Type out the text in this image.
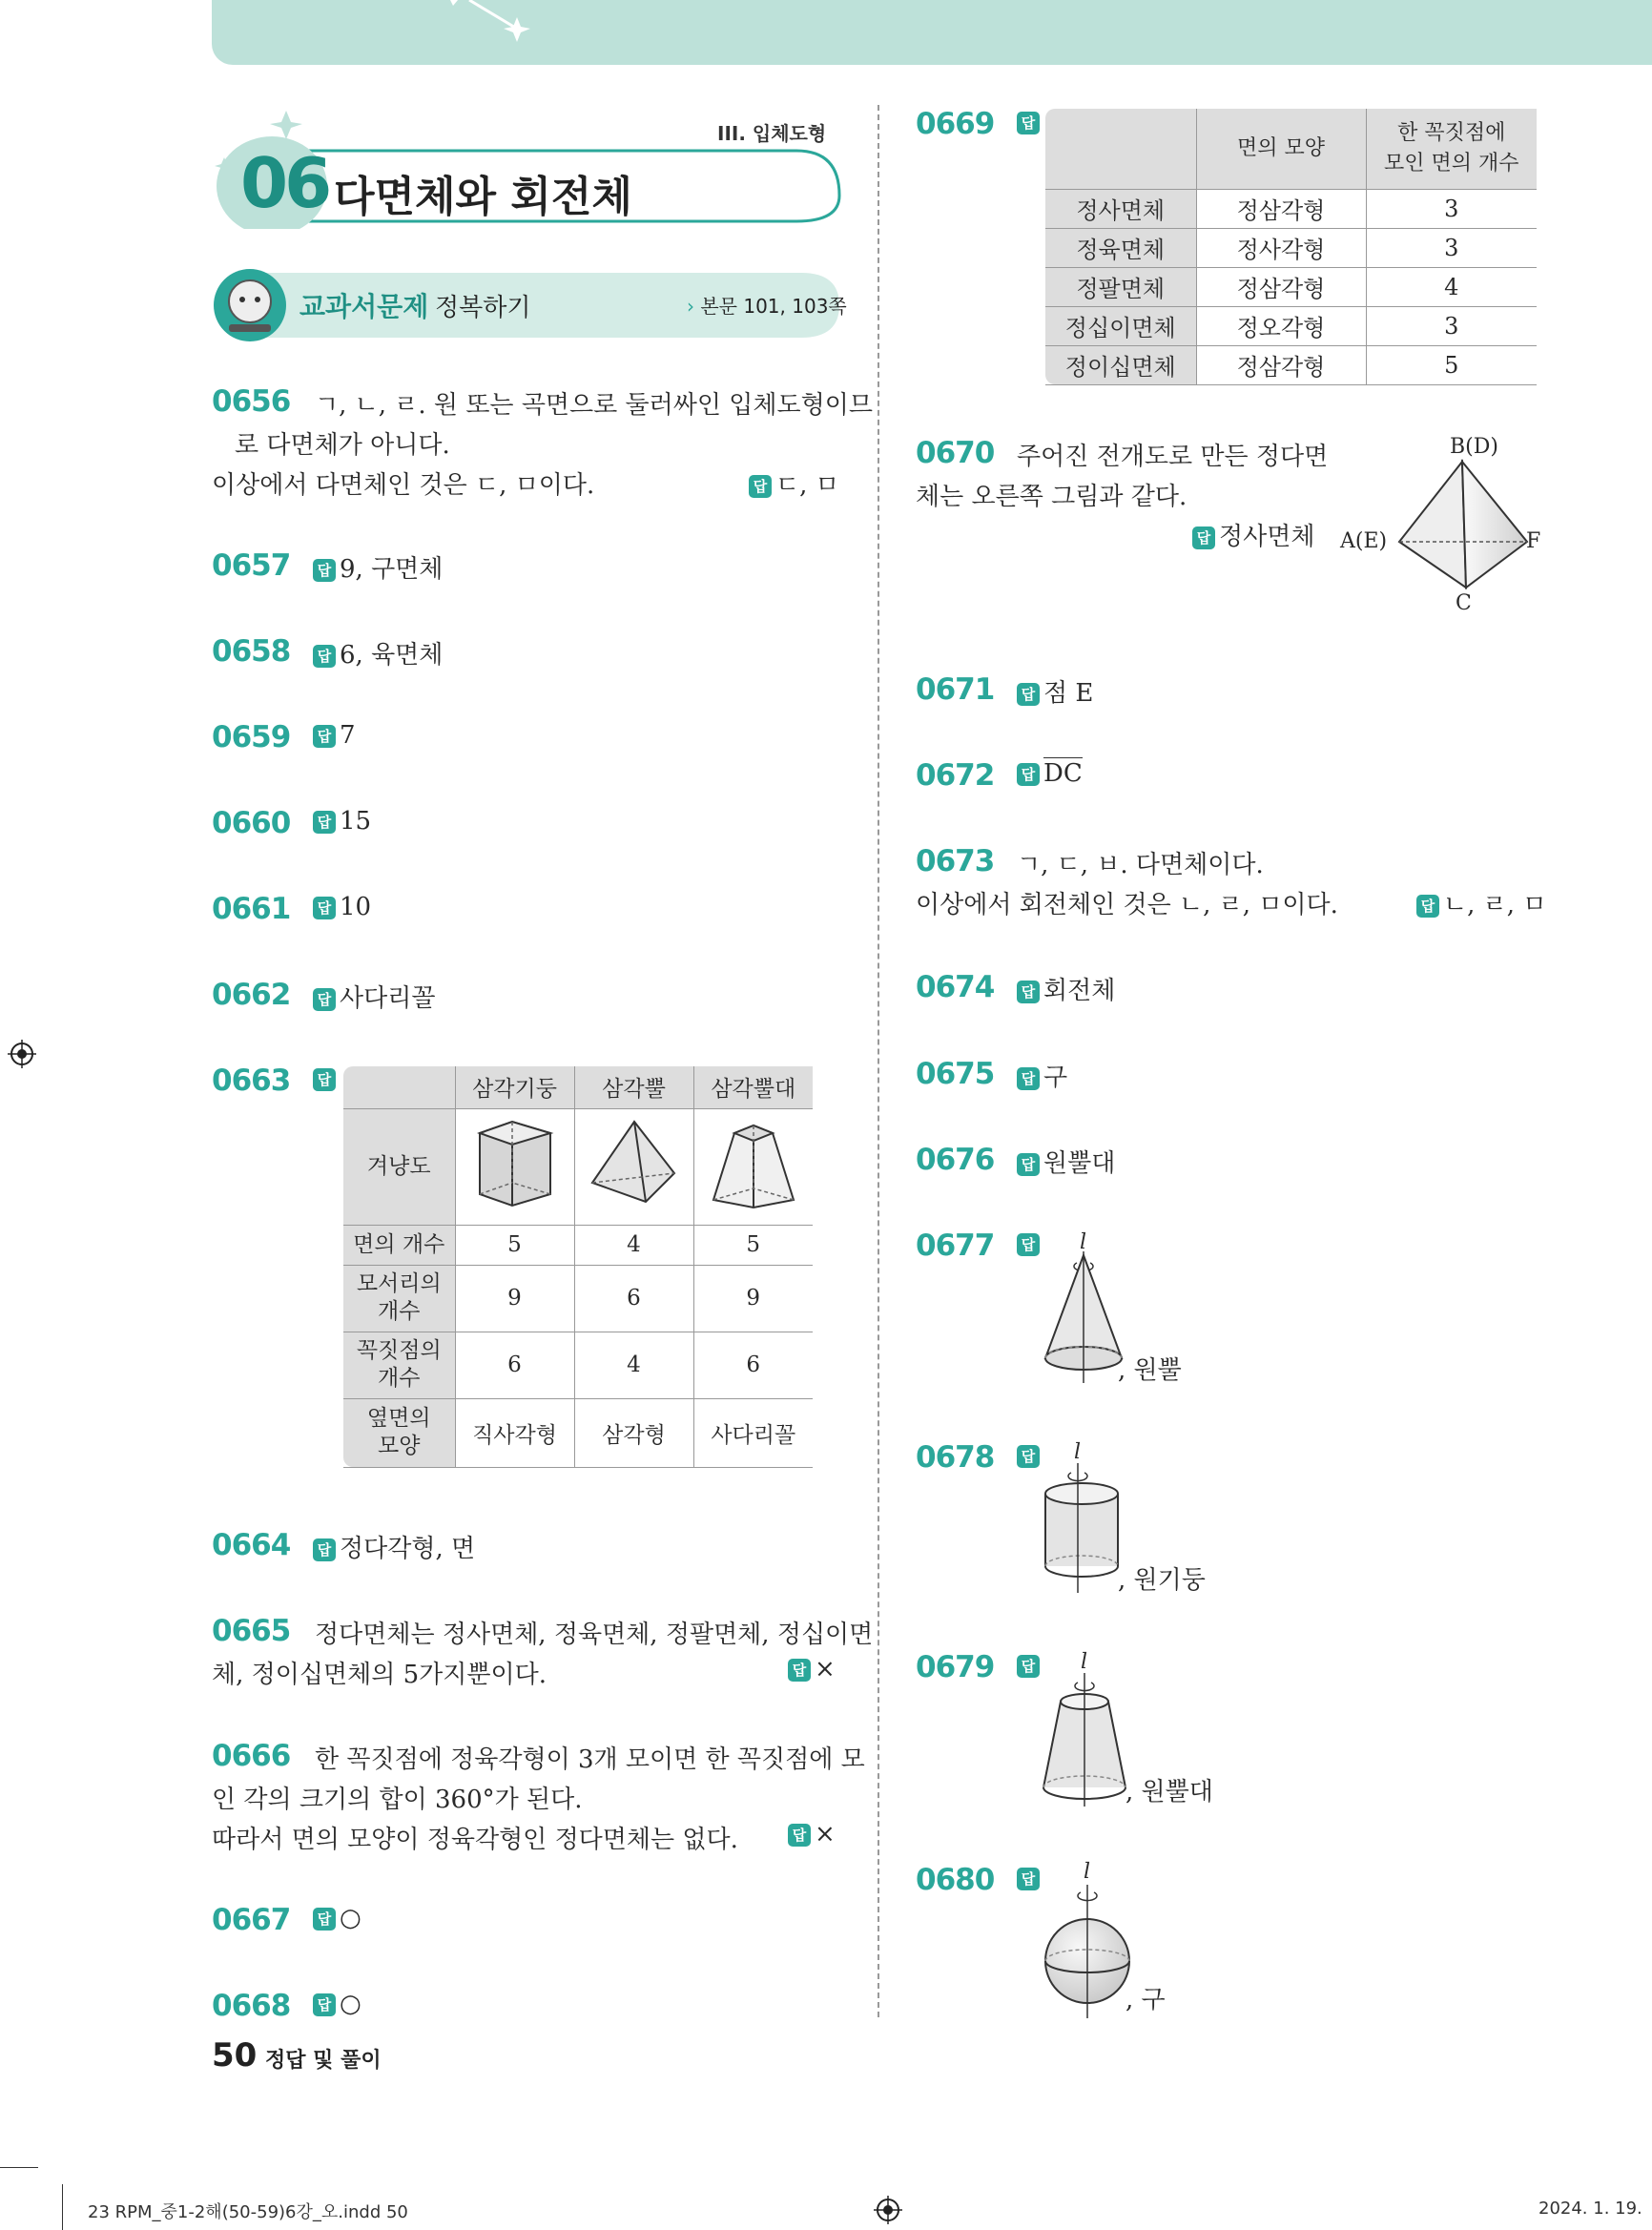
III. 입체도형
06 다면체와 회전체
교과서문제 정복하기	› 본문 101, 103쪽
0656 ㄱ, ㄴ, ㄹ. 원 또는 곡면으로 둘러싸인 입체도형이므
로 다면체가 아니다.
이상에서 다면체인 것은 ㄷ, ㅁ이다.	답 ㄷ, ㅁ
0657	답 9, 구면체
0658	답 6, 육면체
0659	답 7
0660	답 15
0661	답 10
0662	답 사다리꼴
0663	답
		삼각기둥	삼각뿔	삼각뿔대
겨냥도			
면의 개수	5	4	5

모서리의
개수	9	6	9

꼭짓점의
개수	6	4	6

옆면의
모양	직사각형	삼각형	사다리꼴
0664	답 정다각형, 면
0665 정다면체는 정사면체, 정육면체, 정팔면체, 정십이면
체, 정이십면체의 5가지뿐이다.	답 ×
0666 한 꼭짓점에 정육각형이 3개 모이면 한 꼭짓점에 모
인 각의 크기의 합이 360°가 된다.
따라서 면의 모양이 정육각형인 정다면체는 없다.	답 ×
0667	답 ○
0668	답 ○
50 정답 및 풀이
0669	답
	면의 모양	한 꼭짓점에
모인 면의 개수

정사면체	정삼각형	3
정육면체	정사각형	3
정팔면체	정삼각형	4
정십이면체	정오각형	3
정이십면체	정삼각형	5
0670 주어진 전개도로 만든 정다면
체는 오른쪽 그림과 같다.
답 정사면체
B(D)
A(E)	F
C
0671	답 점 E
0672	답 DC
0673 ㄱ, ㄷ, ㅂ. 다면체이다.
이상에서 회전체인 것은 ㄴ, ㄹ, ㅁ이다.	답 ㄴ, ㄹ, ㅁ
0674	답 회전체
0675	답 구
0676	답 원뿔대
0677	답	l
, 원뿔
0678	답	l
, 원기둥
0679	답	l
, 원뿔대
0680	답	l
, 구
23 RPM_중1-2해(50-59)6강_오.indd 50	2024. 1. 19.
